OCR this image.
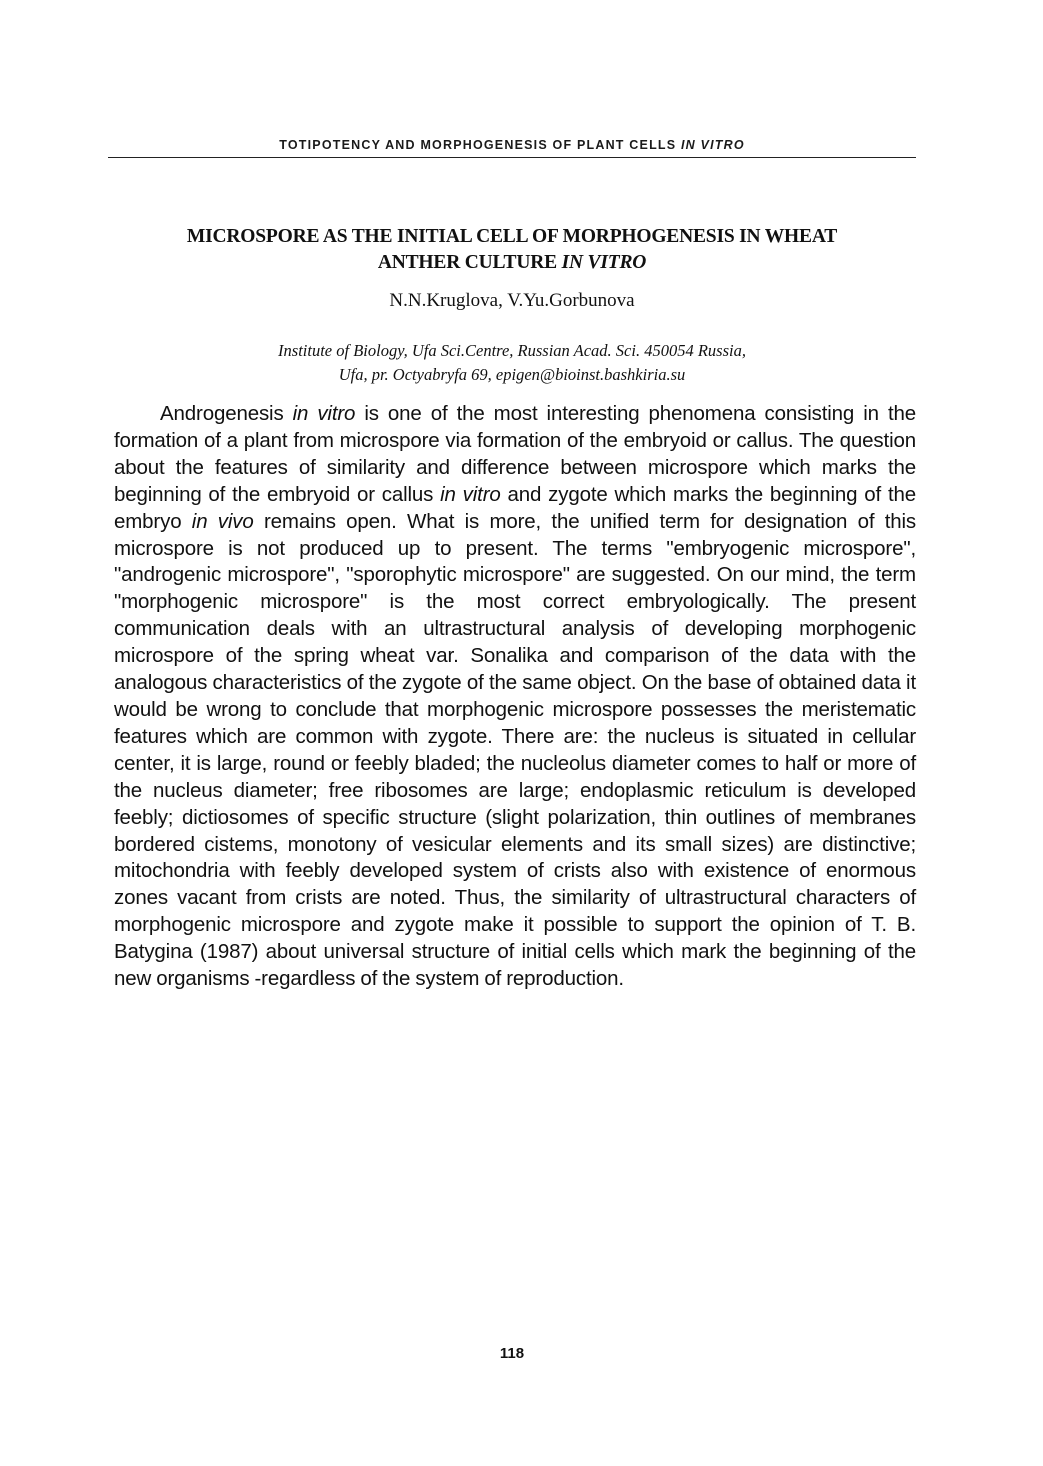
TOTIPOTENCY AND MORPHOGENESIS OF PLANT CELLS IN VITRO
MICROSPORE AS THE INITIAL CELL OF MORPHOGENESIS IN WHEAT
ANTHER CULTURE IN VITRO
N.N.Kruglova, V.Yu.Gorbunova
Institute of Biology, Ufa Sci.Centre, Russian Acad. Sci. 450054 Russia,
Ufa, pr. Octyabryfa 69, epigen@bioinst.bashkiria.su

Androgenesis in vitro is one of the most interesting phenomena consisting in the formation of a plant from microspore via formation of the embryoid or callus. The question about the features of similarity and difference between microspore which marks the beginning of the embryoid or callus in vitro and zygote which marks the beginning of the embryo in vivo remains open. What is more, the unified term for designation of this microspore is not produced up to present. The terms "embryogenic microspore", "androgenic microspore", "sporophytic microspore" are suggested. On our mind, the term "morphogenic microspore" is the most correct embryologically. The present communication deals with an ultrastructural analysis of developing morphogenic microspore of the spring wheat var. Sonalika and comparison of the data with the analogous characteristics of the zygote of the same object. On the base of obtained data it would be wrong to conclude that morphogenic microspore possesses the meristematic features which are common with zygote. There are: the nucleus is situated in cellular center, it is large, round or feebly bladed; the nucleolus diameter comes to half or more of the nucleus diameter; free ribosomes are large; endoplasmic reticulum is developed feebly; dictiosomes of specific structure (slight polarization, thin outlines of membranes bordered cistems, monotony of vesicular elements and its small sizes) are distinctive; mitochondria with feebly developed system of crists also with existence of enormous zones vacant from crists are noted. Thus, the similarity of ultrastructural characters of morphogenic microspore and zygote make it possible to support the opinion of T. B. Batygina (1987) about universal structure of initial cells which mark the beginning of the new organisms -regardless of the system of reproduction.

118
